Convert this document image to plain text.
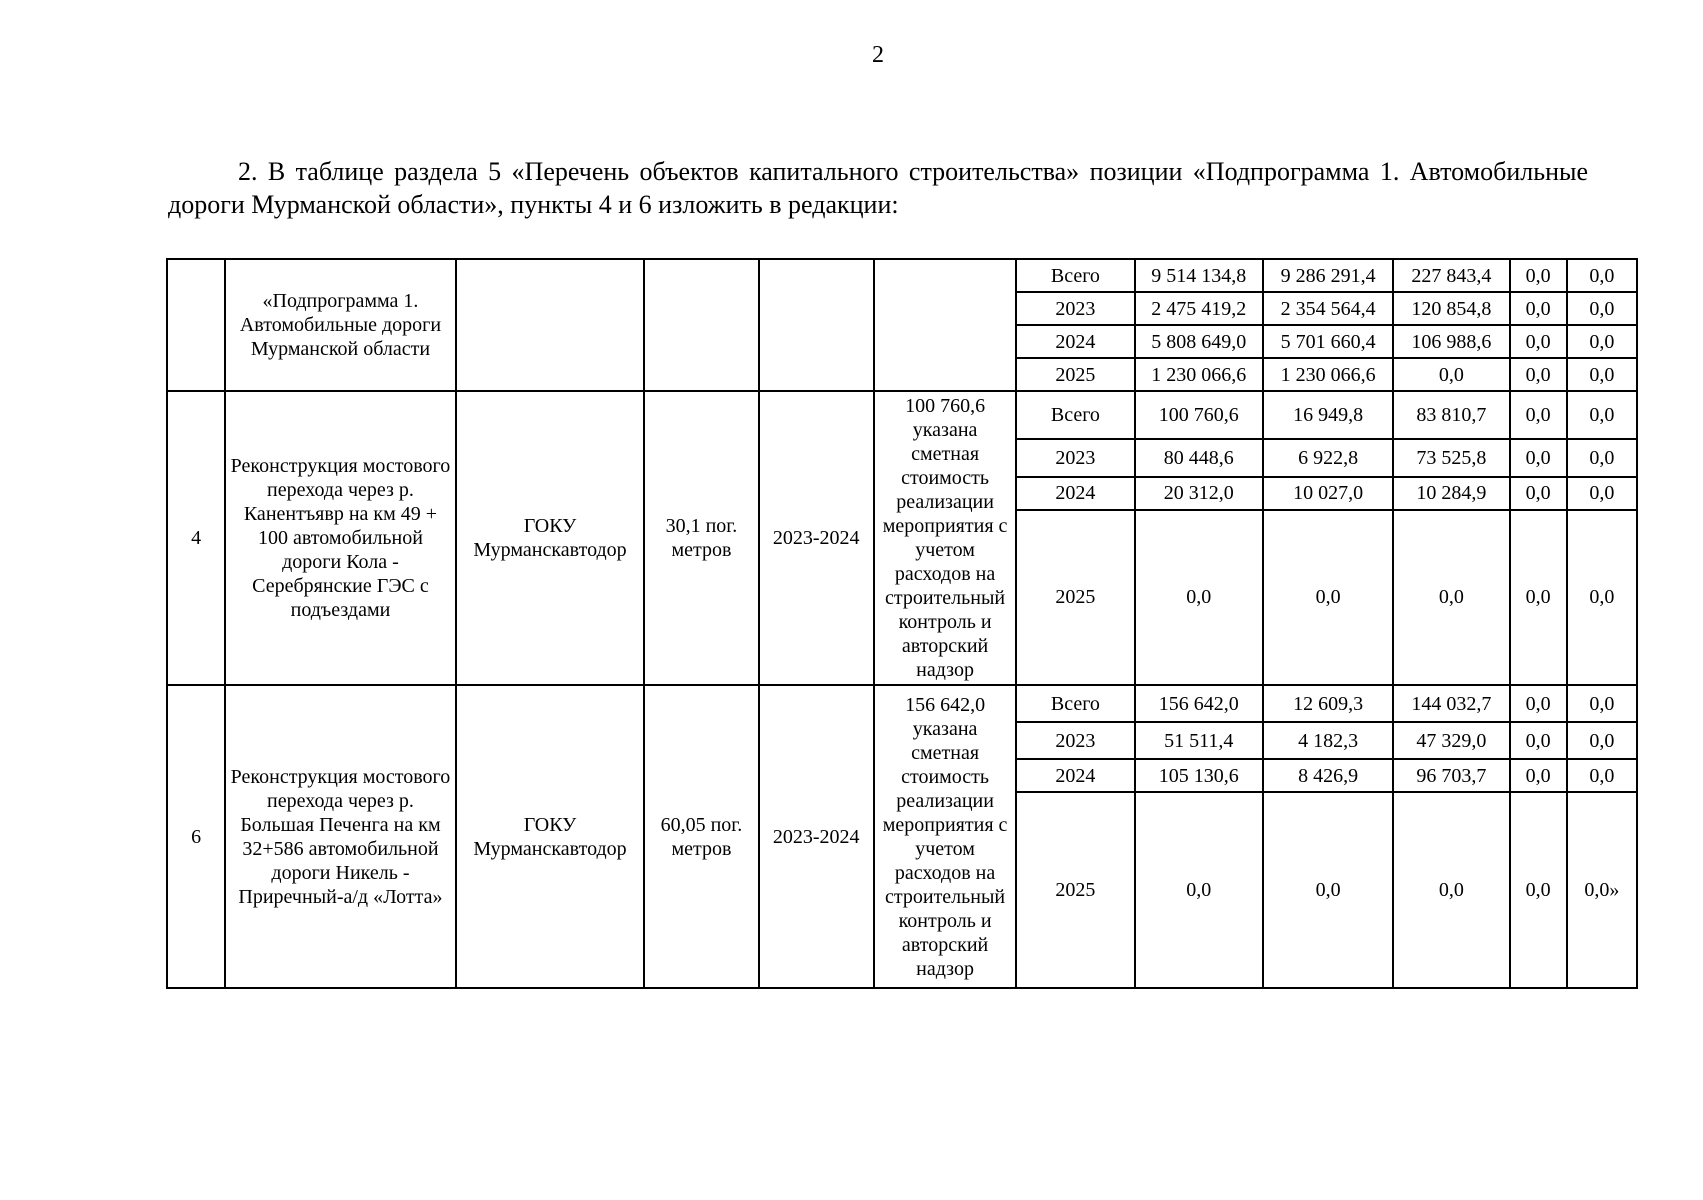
2

2. В таблице раздела 5 «Перечень объектов капитального строительства» позиции «Подпрограмма 1. Автомобильные дороги Мурманской области», пункты 4 и 6 изложить в редакции:

	«Подпрограмма 1. Автомобильные дороги Мурманской области					Всего	9 514 134,8	9 286 291,4	227 843,4	0,0	0,0
						2023	2 475 419,2	2 354 564,4	120 854,8	0,0	0,0
						2024	5 808 649,0	5 701 660,4	106 988,6	0,0	0,0
						2025	1 230 066,6	1 230 066,6	0,0	0,0	0,0
4	Реконструкция мостового перехода через р. Канентъявр на км 49 + 100 автомобильной дороги Кола - Серебрянские ГЭС с подъездами	ГОКУ Мурманскавтодор	30,1 пог. метров	2023-2024	100 760,6 указана сметная стоимость реализации мероприятия с учетом расходов на строительный контроль и авторский надзор	Всего	100 760,6	16 949,8	83 810,7	0,0	0,0
						2023	80 448,6	6 922,8	73 525,8	0,0	0,0
						2024	20 312,0	10 027,0	10 284,9	0,0	0,0
						2025	0,0	0,0	0,0	0,0	0,0
6	Реконструкция мостового перехода через р. Большая Печенга на км 32+586 автомобильной дороги Никель - Приречный-а/д «Лотта»	ГОКУ Мурманскавтодор	60,05 пог. метров	2023-2024	156 642,0 указана сметная стоимость реализации мероприятия с учетом расходов на строительный контроль и авторский надзор	Всего	156 642,0	12 609,3	144 032,7	0,0	0,0
						2023	51 511,4	4 182,3	47 329,0	0,0	0,0
						2024	105 130,6	8 426,9	96 703,7	0,0	0,0
						2025	0,0	0,0	0,0	0,0	0,0»
